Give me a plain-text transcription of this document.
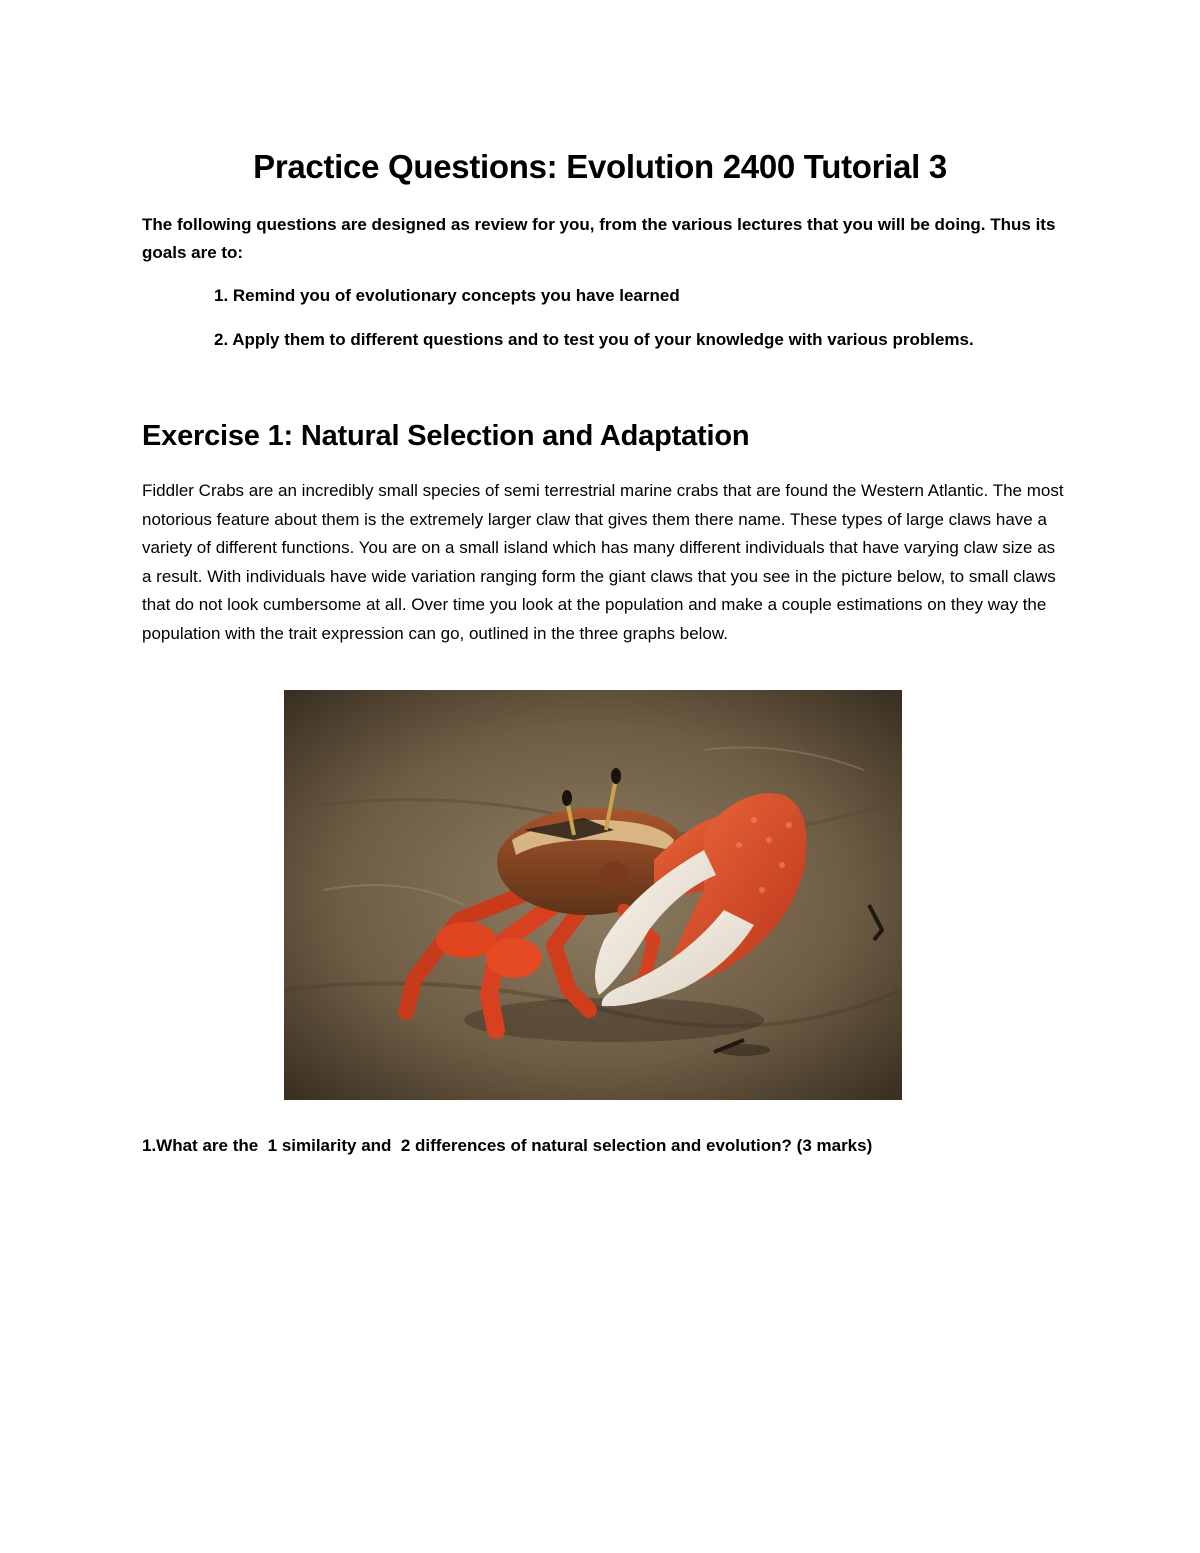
Practice Questions: Evolution 2400 Tutorial 3

The following questions are designed as review for you, from the various lectures that you will be doing. Thus its goals are to:

1. Remind you of evolutionary concepts you have learned

2. Apply them to different questions and to test you of your knowledge with various problems.

Exercise 1: Natural Selection and Adaptation

Fiddler Crabs are an incredibly small species of semi terrestrial marine crabs that are found the Western Atlantic. The most notorious feature about them is the extremely larger claw that gives them there name. These types of large claws have a variety of different functions. You are on a small island which has many different individuals that have varying claw size as a result. With individuals have wide variation ranging form the giant claws that you see in the picture below, to small claws that do not look cumbersome at all. Over time you look at the population and make a couple estimations on they way the population with the trait expression can go, outlined in the three graphs below.

1.What are the  1 similarity and  2 differences of natural selection and evolution? (3 marks)
